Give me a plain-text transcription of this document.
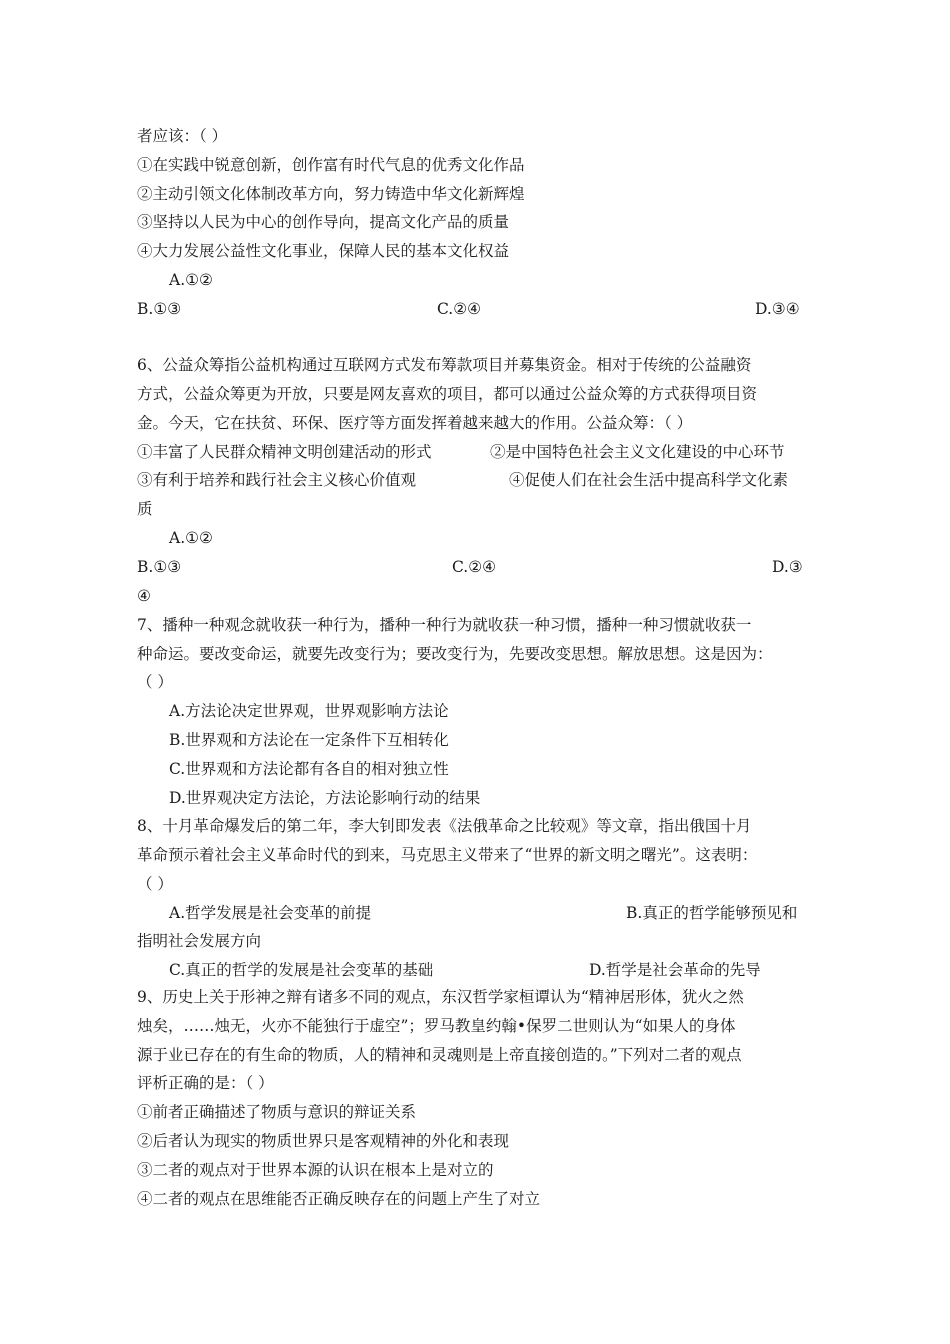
者应该：（ ）
①在实践中锐意创新，创作富有时代气息的优秀文化作品
②主动引领文化体制改革方向，努力铸造中华文化新辉煌
③坚持以人民为中心的创作导向，提高文化产品的质量
④大力发展公益性文化事业，保障人民的基本文化权益
A.①②
B.①③	C.②④	D.③④
6、公益众筹指公益机构通过互联网方式发布筹款项目并募集资金。相对于传统的公益融资
方式，公益众筹更为开放，只要是网友喜欢的项目，都可以通过公益众筹的方式获得项目资
金。今天，它在扶贫、环保、医疗等方面发挥着越来越大的作用。公益众筹：（ ）
①丰富了人民群众精神文明创建活动的形式	②是中国特色社会主义文化建设的中心环节
③有利于培养和践行社会主义核心价值观	④促使人们在社会生活中提高科学文化素
质
A.①②
B.①③	C.②④	D.③
④
7、播种一种观念就收获一种行为，播种一种行为就收获一种习惯，播种一种习惯就收获一
种命运。要改变命运，就要先改变行为；要改变行为，先要改变思想。解放思想。这是因为：
（ ）
A.方法论决定世界观，世界观影响方法论
B.世界观和方法论在一定条件下互相转化
C.世界观和方法论都有各自的相对独立性
D.世界观决定方法论，方法论影响行动的结果
8、十月革命爆发后的第二年，李大钊即发表《法俄革命之比较观》等文章，指出俄国十月
革命预示着社会主义革命时代的到来，马克思主义带来了“世界的新文明之曙光”。这表明：
（ ）
A.哲学发展是社会变革的前提	B.真正的哲学能够预见和
指明社会发展方向
C.真正的哲学的发展是社会变革的基础	D.哲学是社会革命的先导
9、历史上关于形神之辩有诸多不同的观点，东汉哲学家桓谭认为“精神居形体，犹火之然
烛矣，……烛无，火亦不能独行于虚空”；罗马教皇约翰•保罗二世则认为“如果人的身体
源于业已存在的有生命的物质，人的精神和灵魂则是上帝直接创造的。”下列对二者的观点
评析正确的是：（ ）
①前者正确描述了物质与意识的辩证关系
②后者认为现实的物质世界只是客观精神的外化和表现
③二者的观点对于世界本源的认识在根本上是对立的
④二者的观点在思维能否正确反映存在的问题上产生了对立
